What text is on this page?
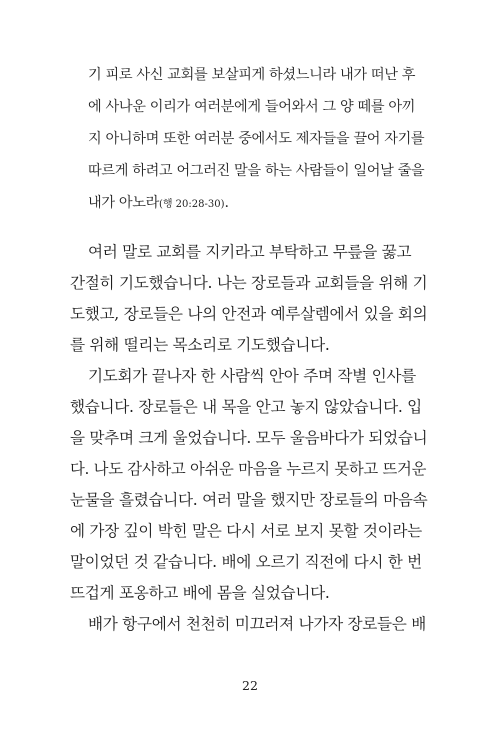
기 피로 사신 교회를 보살피게 하셨느니라 내가 떠난 후
에 사나운 이리가 여러분에게 들어와서 그 양 떼를 아끼
지 아니하며 또한 여러분 중에서도 제자들을 끌어 자기를
따르게 하려고 어그러진 말을 하는 사람들이 일어날 줄을
내가 아노라(행 20:28-30).
여러 말로 교회를 지키라고 부탁하고 무릎을 꿇고
간절히 기도했습니다. 나는 장로들과 교회들을 위해 기
도했고, 장로들은 나의 안전과 예루살렘에서 있을 회의
를 위해 떨리는 목소리로 기도했습니다.
기도회가 끝나자 한 사람씩 안아 주며 작별 인사를
했습니다. 장로들은 내 목을 안고 놓지 않았습니다. 입
을 맞추며 크게 울었습니다. 모두 울음바다가 되었습니
다. 나도 감사하고 아쉬운 마음을 누르지 못하고 뜨거운
눈물을 흘렸습니다. 여러 말을 했지만 장로들의 마음속
에 가장 깊이 박힌 말은 다시 서로 보지 못할 것이라는
말이었던 것 같습니다. 배에 오르기 직전에 다시 한 번
뜨겁게 포옹하고 배에 몸을 실었습니다.
배가 항구에서 천천히 미끄러져 나가자 장로들은 배
22
